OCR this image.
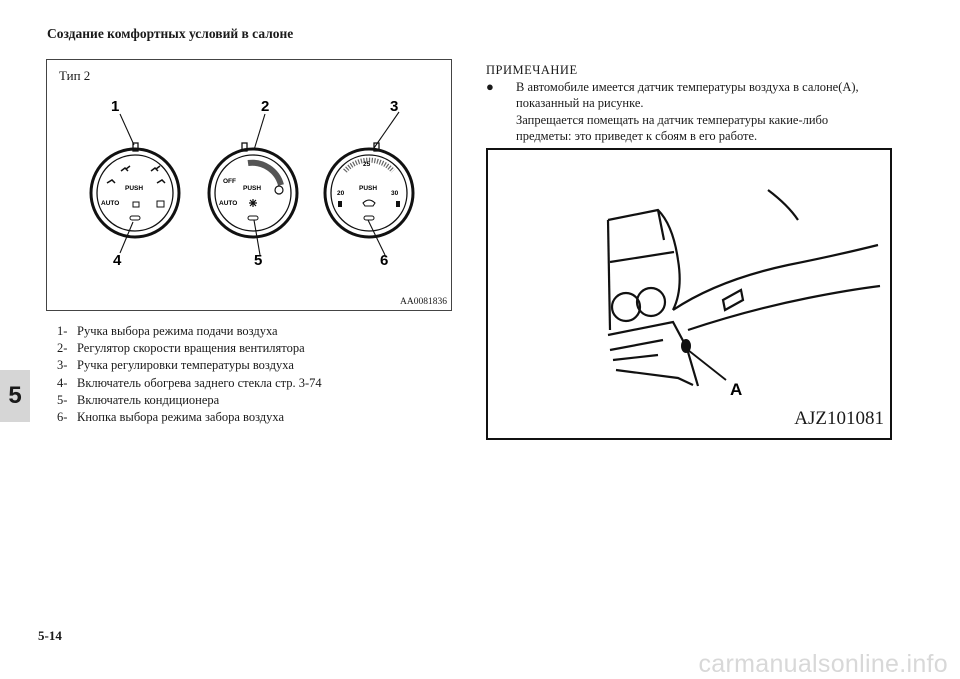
Создание комфортных условий в салоне
5
5-14
Тип 2
PUSH
AUTO
OFF
PUSH
AUTO
25
20	30
PUSH
1	2	3
4	5	6
AA0081836
1- Ручка выбора режима подачи воздуха
2- Регулятор скорости вращения вентилятора
3- Ручка регулировки температуры воздуха
4- Включатель обогрева заднего стекла стр. 3-74
5- Включатель кондиционера
6- Кнопка выбора режима забора воздуха
ПРИМЕЧАНИЕ
●	В автомобиле имеется датчик температуры воздуха в салоне(А),
показанный на рисунке.
Запрещается помещать на датчик температуры какие-либо
предметы: это приведет к сбоям в его работе.
A
AJZ101081
carmanualsonline.info
